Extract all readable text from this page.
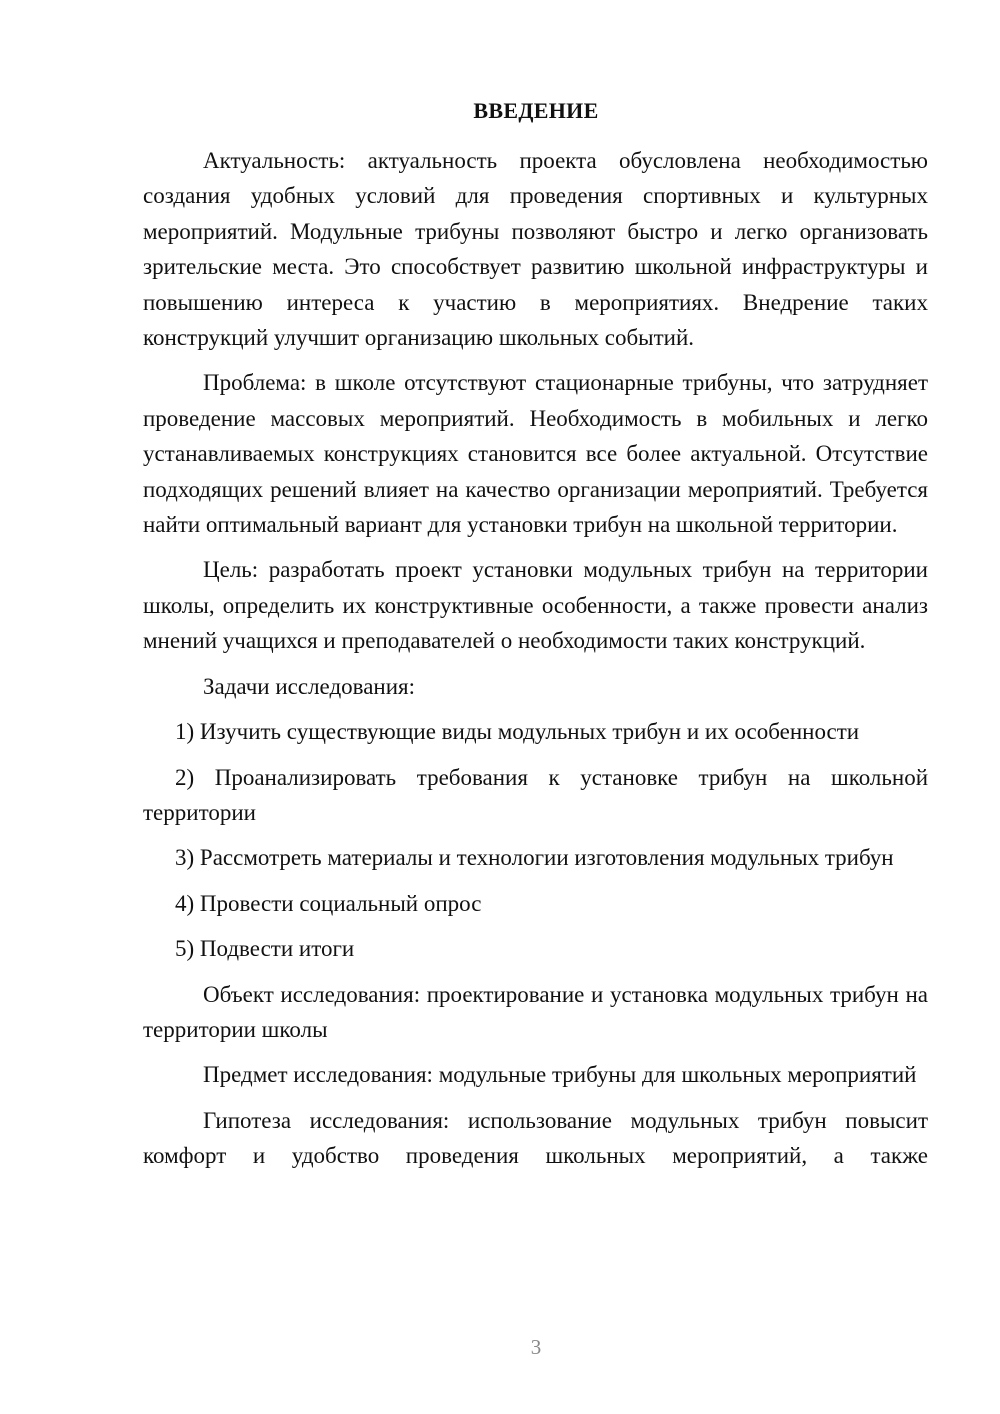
ВВЕДЕНИЕ

Актуальность: актуальность проекта обусловлена необходимостью создания удобных условий для проведения спортивных и культурных мероприятий. Модульные трибуны позволяют быстро и легко организовать зрительские места. Это способствует развитию школьной инфраструктуры и повышению интереса к участию в мероприятиях. Внедрение таких конструкций улучшит организацию школьных событий.

Проблема: в школе отсутствуют стационарные трибуны, что затрудняет проведение массовых мероприятий. Необходимость в мобильных и легко устанавливаемых конструкциях становится все более актуальной. Отсутствие подходящих решений влияет на качество организации мероприятий. Требуется найти оптимальный вариант для установки трибун на школьной территории.

Цель: разработать проект установки модульных трибун на территории школы, определить их конструктивные особенности, а также провести анализ мнений учащихся и преподавателей о необходимости таких конструкций.

Задачи исследования:

1) Изучить существующие виды модульных трибун и их особенности

2) Проанализировать требования к установке трибун на школьной территории

3) Рассмотреть материалы и технологии изготовления модульных трибун

4) Провести социальный опрос

5) Подвести итоги

Объект исследования: проектирование и установка модульных трибун на территории школы

Предмет исследования: модульные трибуны для школьных мероприятий

Гипотеза исследования: использование модульных трибун повысит комфорт и удобство проведения школьных мероприятий, а также

3
